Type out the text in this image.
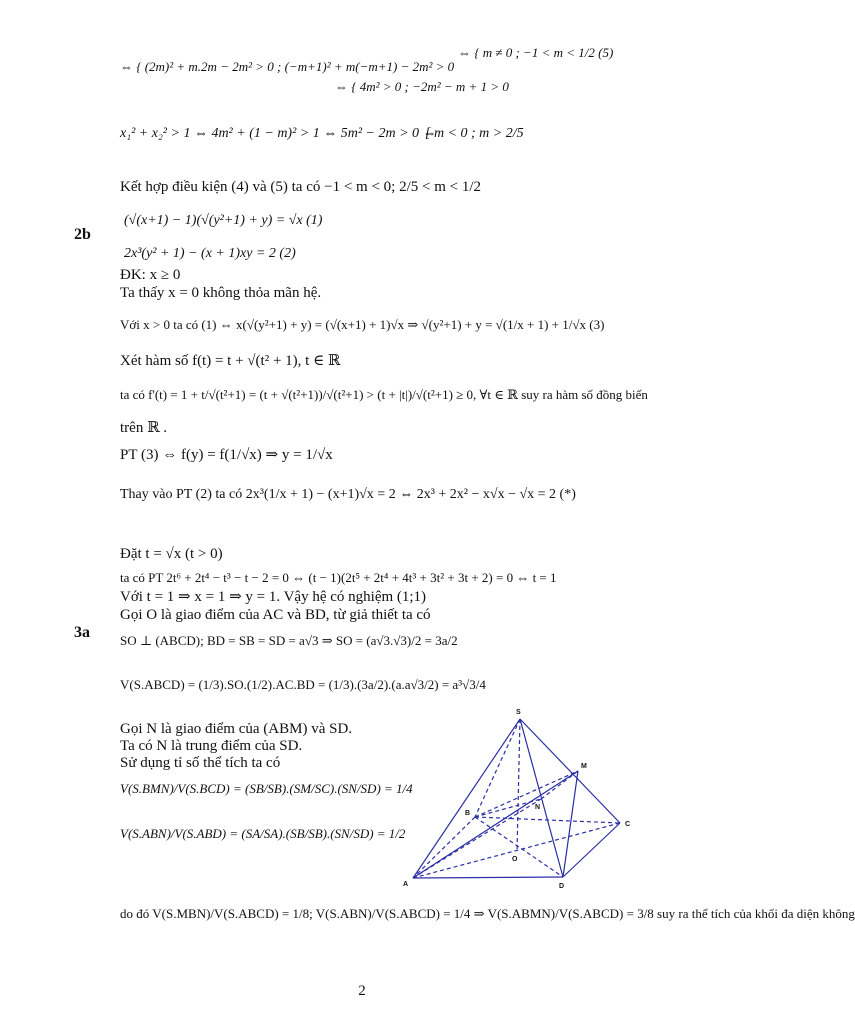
2b
3a
⇔ { (2m)² + m.2m − 2m² > 0 ; (−m+1)² + m(−m+1) − 2m² > 0
⇔ { 4m² > 0 ; −2m² − m + 1 > 0
⇔ { m ≠ 0 ; −1 < m < 1/2 (5)
x₁² + x₂² > 1 ⇔ 4m² + (1 − m)² > 1 ⇔ 5m² − 2m > 0 ⇔
[ m < 0 ; m > 2/5
Kết hợp điều kiện (4) và (5) ta có −1 < m < 0; 2/5 < m < 1/2
(√(x+1) − 1)(√(y²+1) + y) = √x (1)
2x³(y² + 1) − (x + 1)xy = 2 (2)
ĐK: x ≥ 0
Ta thấy x = 0 không thỏa mãn hệ.
Với x > 0 ta có (1) ⇔ x(√(y²+1) + y) = (√(x+1) + 1)√x ⇒ √(y²+1) + y = √(1/x + 1) + 1/√x (3)
Xét hàm số f(t) = t + √(t² + 1), t ∈ ℝ
ta có f'(t) = 1 + t/√(t²+1) = (t + √(t²+1))/√(t²+1) > (t + |t|)/√(t²+1) ≥ 0, ∀t ∈ ℝ suy ra hàm số đồng biến
trên ℝ .
PT (3) ⇔ f(y) = f(1/√x) ⇒ y = 1/√x
Thay vào PT (2) ta có 2x³(1/x + 1) − (x+1)√x = 2 ⇔ 2x³ + 2x² − x√x − √x = 2 (*)
Đặt t = √x (t > 0)
ta có PT 2t⁶ + 2t⁴ − t³ − t − 2 = 0 ⇔ (t − 1)(2t⁵ + 2t⁴ + 4t³ + 3t² + 3t + 2) = 0 ⇔ t = 1
Với t = 1 ⇒ x = 1 ⇒ y = 1. Vậy hệ có nghiệm (1;1)
Gọi O là giao điểm của AC và BD, từ giả thiết ta có
SO ⊥ (ABCD); BD = SB = SD = a√3 ⇒ SO = (a√3.√3)/2 = 3a/2
V(S.ABCD) = (1/3).SO.(1/2).AC.BD = (1/3).(3a/2).(a.a√3/2) = a³√3/4
Gọi N là giao điểm của (ABM) và SD.
Ta có N là trung điểm của SD.
Sử dụng tỉ số thể tích ta có
V(S.BMN)/V(S.BCD) = (SB/SB).(SM/SC).(SN/SD) = 1/4
V(S.ABN)/V(S.ABD) = (SA/SA).(SB/SB).(SN/SD) = 1/2
do đó V(S.MBN)/V(S.ABCD) = 1/8; V(S.ABN)/V(S.ABCD) = 1/4 ⇒ V(S.ABMN)/V(S.ABCD) = 3/8 suy ra thể tích của khối đa diện không
S
M
N
B
C
O
A	D
2
